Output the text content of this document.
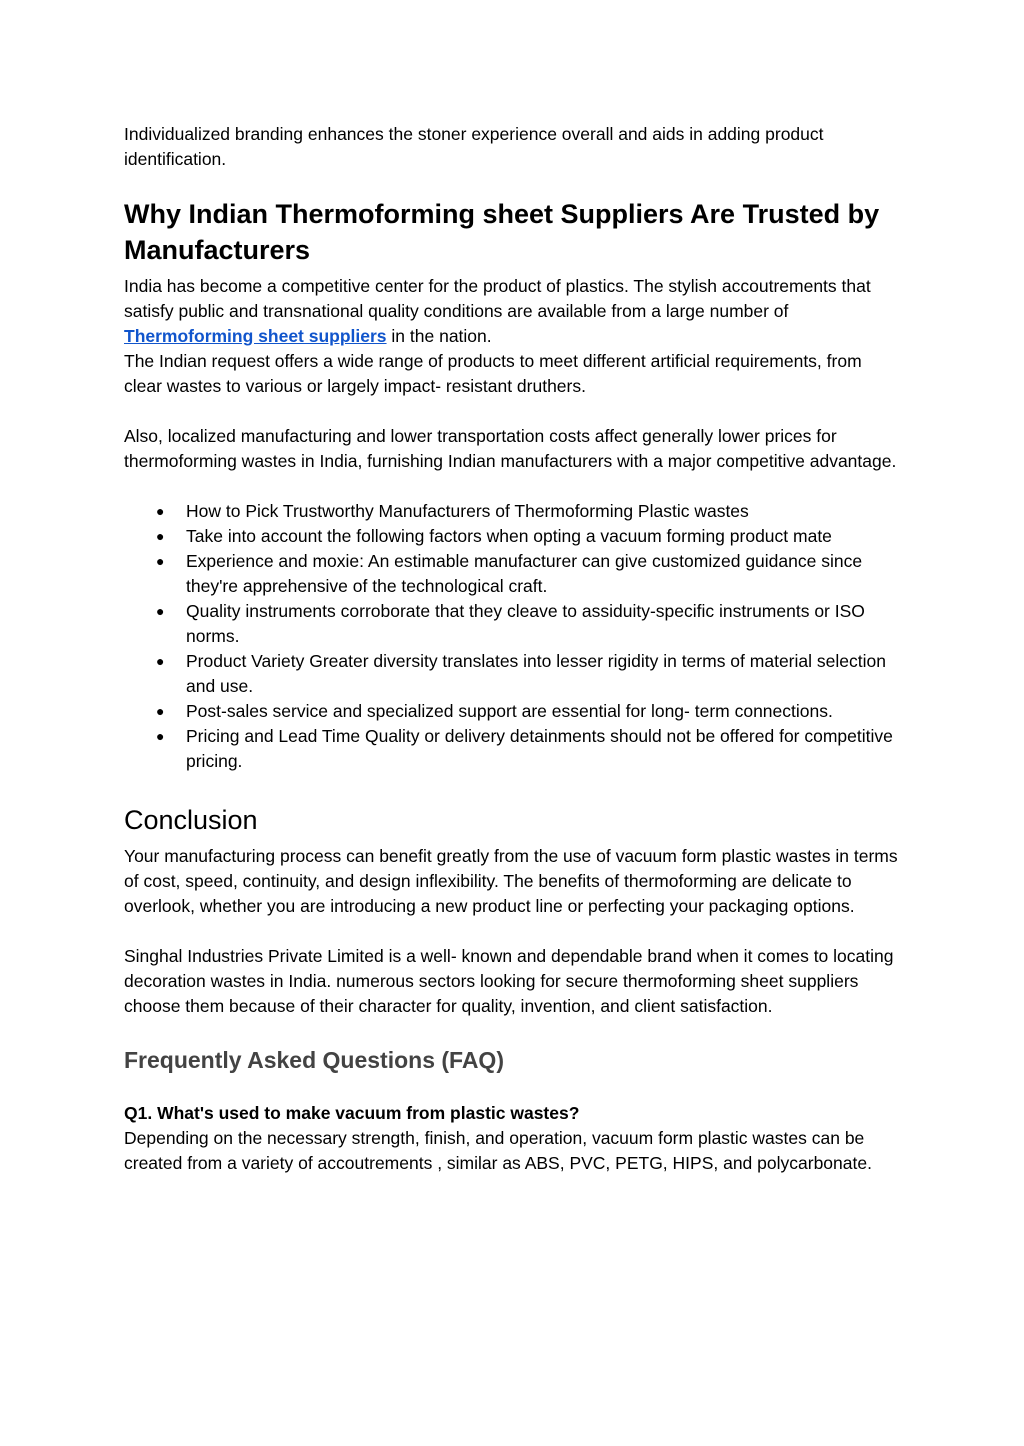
Individualized branding enhances the stoner experience overall and aids in adding product identification.

Why Indian Thermoforming sheet Suppliers Are Trusted by Manufacturers

India has become a competitive center for the product of plastics. The stylish accoutrements that satisfy public and transnational quality conditions are available from a large number of Thermoforming sheet suppliers in the nation.

The Indian request offers a wide range of products to meet different artificial requirements, from clear wastes to various or largely impact- resistant druthers.

Also, localized manufacturing and lower transportation costs affect generally lower prices for thermoforming wastes in India, furnishing Indian manufacturers with a major competitive advantage.

● How to Pick Trustworthy Manufacturers of Thermoforming Plastic wastes
● Take into account the following factors when opting a vacuum forming product mate
● Experience and moxie: An estimable manufacturer can give customized guidance since they're apprehensive of the technological craft.
● Quality instruments corroborate that they cleave to assiduity-specific instruments or ISO norms.
● Product Variety Greater diversity translates into lesser rigidity in terms of material selection and use.
● Post-sales service and specialized support are essential for long- term connections.
● Pricing and Lead Time Quality or delivery detainments should not be offered for competitive pricing.
Conclusion

Your manufacturing process can benefit greatly from the use of vacuum form plastic wastes in terms of cost, speed, continuity, and design inflexibility. The benefits of thermoforming are delicate to overlook, whether you are introducing a new product line or perfecting your packaging options.

Singhal Industries Private Limited is a well- known and dependable brand when it comes to locating decoration wastes in India. numerous sectors looking for secure thermoforming sheet suppliers choose them because of their character for quality, invention, and client satisfaction.

Frequently Asked Questions (FAQ)

Q1. What's used to make vacuum from plastic wastes?

Depending on the necessary strength, finish, and operation, vacuum form plastic wastes can be created from a variety of accoutrements , similar as ABS, PVC, PETG, HIPS, and polycarbonate.
